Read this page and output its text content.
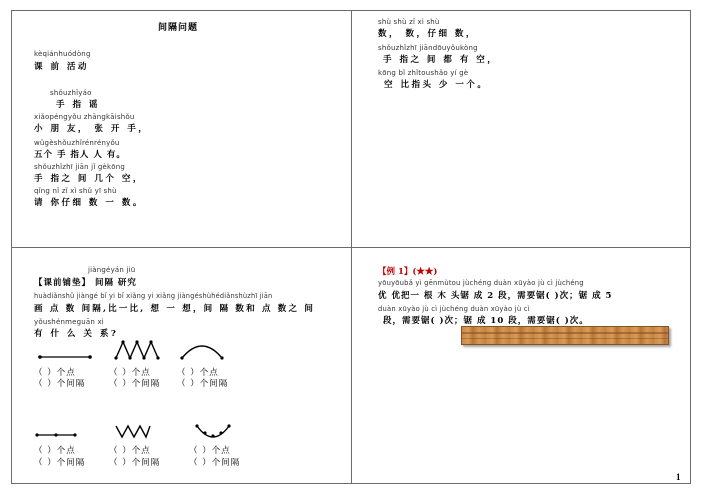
间隔问题
kèqiánhuódòng
课 前 活动
shǒuzhǐyáo
手 指 谣
xiǎopéngyǒu zhāngkāishǒu
小 朋 友， 张 开 手，
wǔgèshǒuzhǐrénrényǒu
五个 手 指人 人 有。
shǒuzhǐzhī jiān jǐ gèkōng
手 指之 间 几个 空，
qǐng nǐ zǐ xì shǔ yī shù
请 你仔细 数 一 数。
shù shù zǐ xì shù
数， 数，仔细 数，
shǒuzhǐzhī jiāndōuyǒukòng
手 指之 间 都 有 空，
kōng bǐ zhǐtoushǎo yí gè
空 比指头 少 一个。
jiàngéyán jiū
【课前铺垫】 间隔 研究
huàdiǎnshǔ jiàngé bǐ yi bǐ xiǎng yi xiǎng jiàngéshùhédiǎnshùzhī jiān
画 点 数 间隔,比一比, 想 一 想，间 隔 数和 点 数之 间
yǒushénmeguān xì
有 什 么 关 系?
（ ）个点
（ ）个间隔
（ ）个点
（ ）个间隔
（ ）个点
（ ）个间隔
（ ）个点
（ ）个间隔
（ ）个点
（ ）个间隔
（ ）个点
（ ）个间隔
【例 1】(★★)
yōuyōubǎ yì gēnmùtou jùchéng duàn xūyào jù cì jùchéng
优 优把一 根 木 头锯 成 2 段，需要锯( )次；锯 成 5
duàn xūyào jù cì jùchéng duàn xūyào jù cì
段，需要锯( )次；锯 成 10 段，需要锯( )次。
1
